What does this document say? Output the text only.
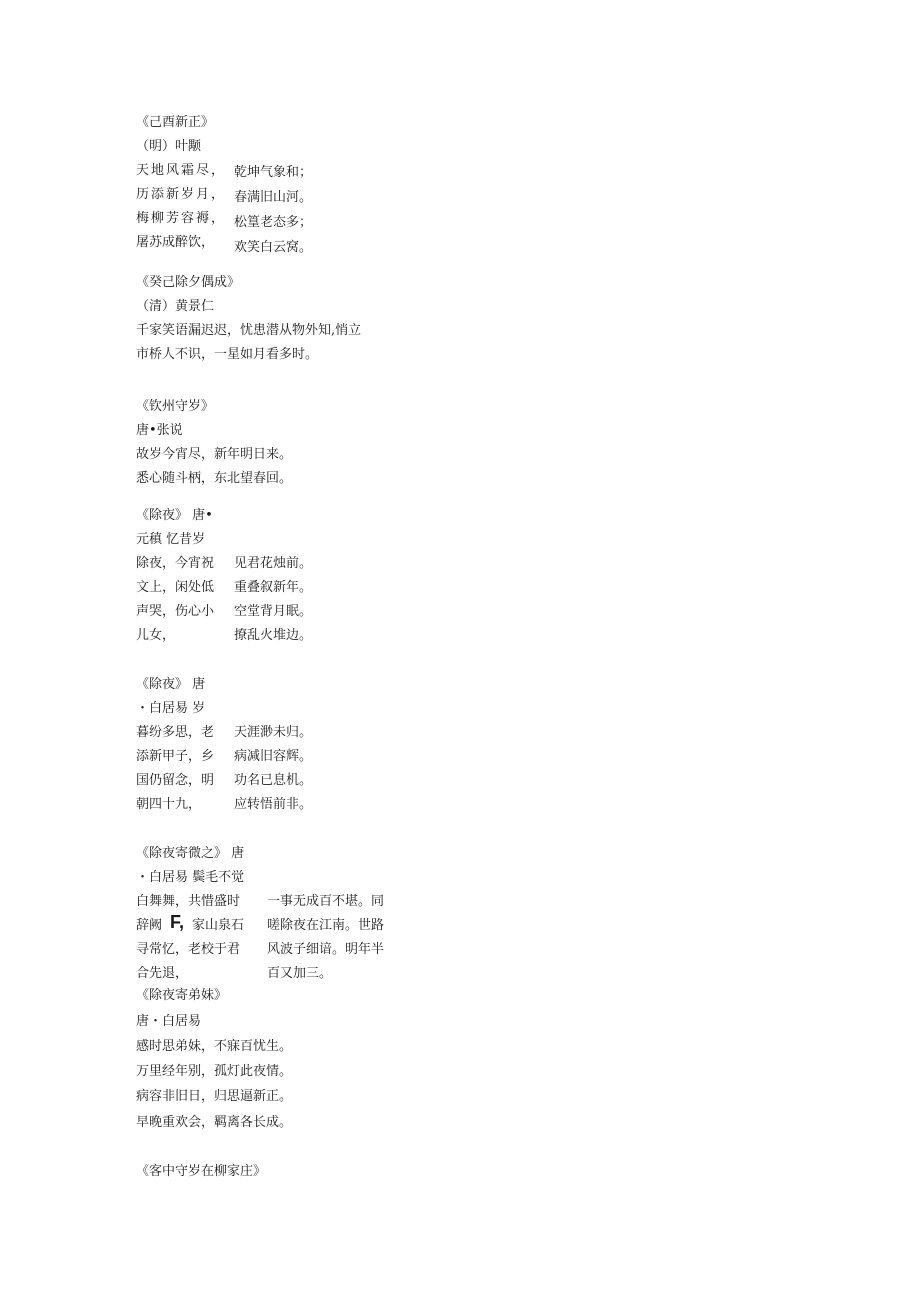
《己酉新正》
（明）叶颙
天地风霜尽， 乾坤气象和；
历添新岁月， 春满旧山河。
梅柳芳容褥， 松篁老态多；
屠苏成醉饮， 欢笑白云窝。
《癸己除夕偶成》
（清）黄景仁
千家笑语漏迟迟，忧患潜从物外知,悄立
市桥人不识，一星如月看多时。
《钦州守岁》
唐•张说
故岁今宵尽，新年明日来。
悉心随斗柄，东北望春回。
《除夜》 唐•
元稹 忆昔岁
除夜，今宵祝 见君花烛前。
文上，闲处低 重叠叙新年。
声哭，伤心小 空堂背月眠。
儿女，	撩乱火堆边。
《除夜》 唐
・白居易 岁
暮纷多思，老 天涯渺未归。
添新甲子，乡 病减旧容辉。
国仍留念，明 功名已息机。
朝四十九，	应转悟前非。
《除夜寄微之》 唐
・白居易 鬓毛不觉
白舞舞，共惜盛时 一事无成百不堪。同
辞阙 F, 家山泉石 嗟除夜在江南。世路
寻常忆，老校于君 风波子细谙。明年半
合先退，	百又加三。
《除夜寄弟妹》
唐・白居易
感时思弟妹，不寐百忧生。
万里经年别，孤灯此夜情。
病容非旧日，归思逼新正。
早晚重欢会，羁离各长成。
《客中守岁在柳家庄》
